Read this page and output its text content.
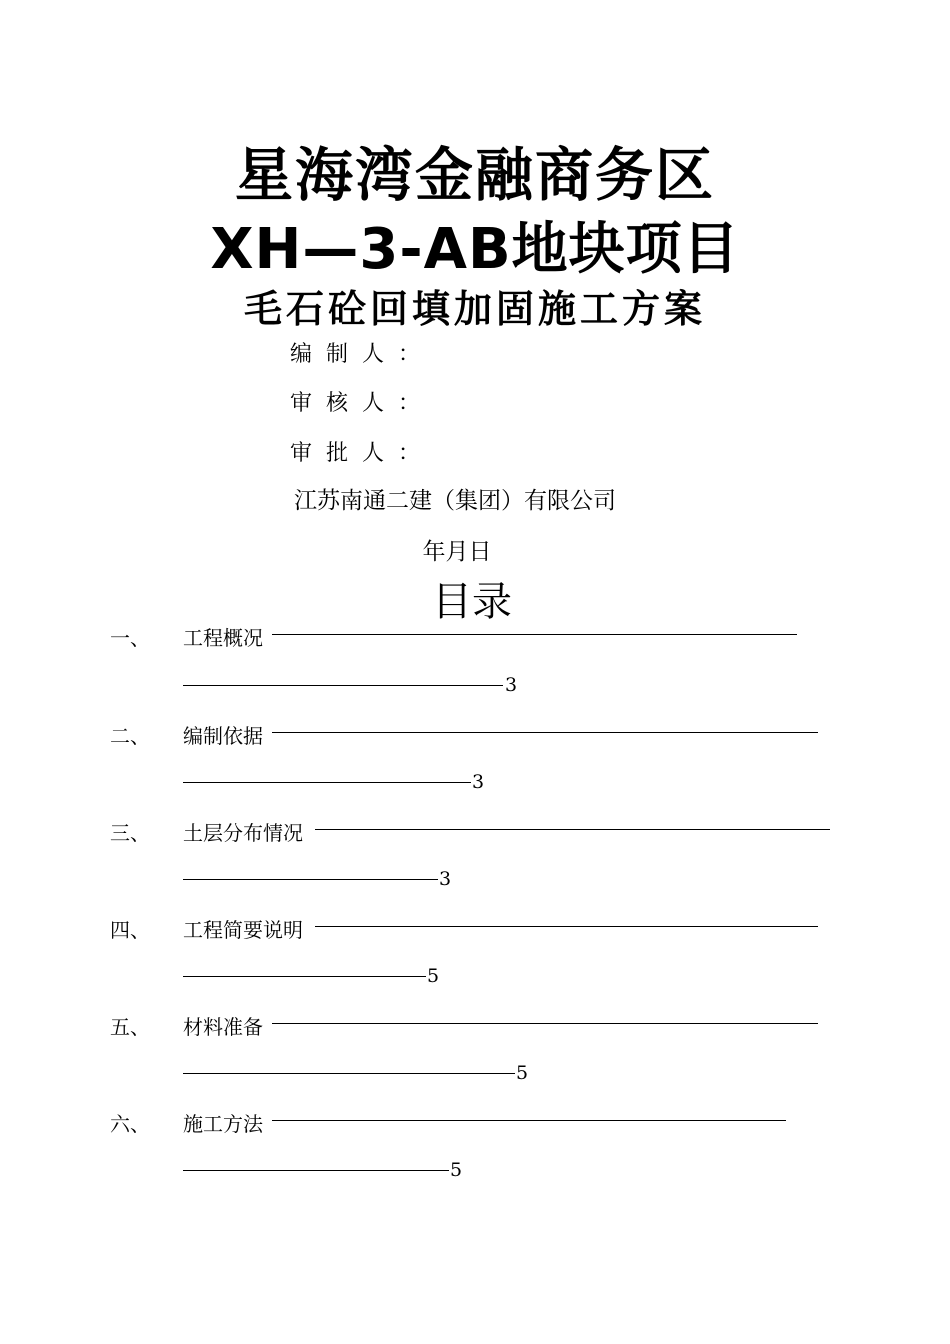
星海湾金融商务区
XH—3-AB地块项目
毛石砼回填加固施工方案
编制人：
审核人：
审批人：
江苏南通二建（集团）有限公司
年月日
目录
一、 工程概况
3
二、 编制依据
3
三、 土层分布情况
3
四、 工程简要说明
5
五、 材料准备
5
六、 施工方法
5
